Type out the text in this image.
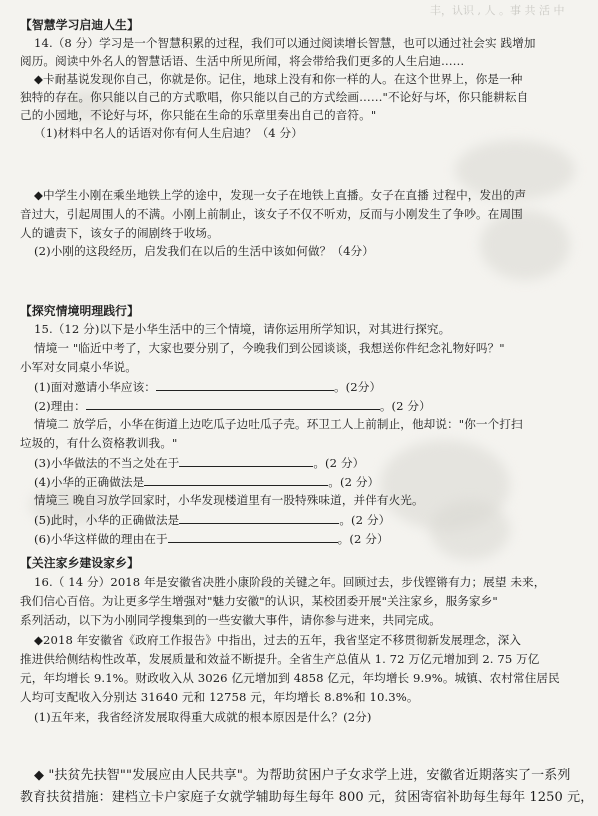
丰，认识 , 人 。事 共 活 中
【智慧学习启迪人生】
14.（8 分）学习是一个智慧积累的过程，我们可以通过阅读增长智慧，也可以通过社会实 践增加
阅历。阅读中外名人的智慧话语、生活中所见所闻，将会带给我们更多的人生启迪……
◆卡耐基说发现你自己，你就是你。记住，地球上没有和你一样的人。在这个世界上，你是一种
独特的存在。你只能以自己的方式歌唱，你只能以自己的方式绘画……"不论好与坏，你只能耕耘自
己的小园地，不论好与坏，你只能在生命的乐章里奏出自己的音符。"
（1)材料中名人的话语对你有何人生启迪？（4 分）
◆中学生小刚在乘坐地铁上学的途中，发现一女子在地铁上直播。女子在直播 过程中，发出的声
音过大，引起周围人的不满。小刚上前制止，该女子不仅不听劝，反而与小刚发生了争吵。在周围
人的谴责下，该女子的闹剧终于收场。
(2)小刚的这段经历，启发我们在以后的生活中该如何做？（4分）
【探究情境明理践行】
15.（12 分)以下是小华生活中的三个情境，请你运用所学知识，对其进行探究。
情境一 "临近中考了，大家也要分别了，今晚我们到公园谈谈，我想送你件纪念礼物好吗？"
小军对女同桌小华说。
(1)面对邀请小华应该：	。(2分）
(2)理由：	。(2 分）
情境二 放学后，小华在街道上边吃瓜子边吐瓜子壳。环卫工人上前制止，他却说："你一个打扫
垃圾的，有什么资格教训我。"
(3)小华做法的不当之处在于	。(2 分）
(4)小华的正确做法是	。(2 分）
情境三 晚自习放学回家时，小华发现楼道里有一股特殊味道，并伴有火光。
(5)此时，小华的正确做法是	。(2 分）
(6)小华这样做的理由在于	。(2 分）
【关注家乡建设家乡】
16.（ 14 分）2018 年是安徽省决胜小康阶段的关键之年。回顾过去，步伐铿锵有力；展望 未来，
我们信心百倍。为让更多学生增强对"魅力安徽"的认识，某校团委开展"关注家乡，服务家乡"
系列活动，以下为小刚同学搜集到的一些安徽大事件，请你参与进来，共同完成。
◆2018 年安徽省《政府工作报告》中指出，过去的五年，我省坚定不移贯彻新发展理念，深入
推进供给侧结构性改革，发展质量和效益不断提升。全省生产总值从 1. 72 万亿元增加到 2. 75 万亿
元，年均增长 9.1%。财政收入从 3026 亿元增加到 4858 亿元，年均增长 9.9%。城镇、农村常住居民
人均可支配收入分别达 31640 元和 12758 元，年均增长 8.8%和 10.3%。
(1)五年来，我省经济发展取得重大成就的根本原因是什么？(2分)
◆ "扶贫先扶智""发展应由人民共享"。为帮助贫困户子女求学上进，安徽省近期落实了一系列
教育扶贫措施：建档立卡户家庭子女就学辅助每生每年 800 元，贫困寄宿补助每生每年 1250 元，
